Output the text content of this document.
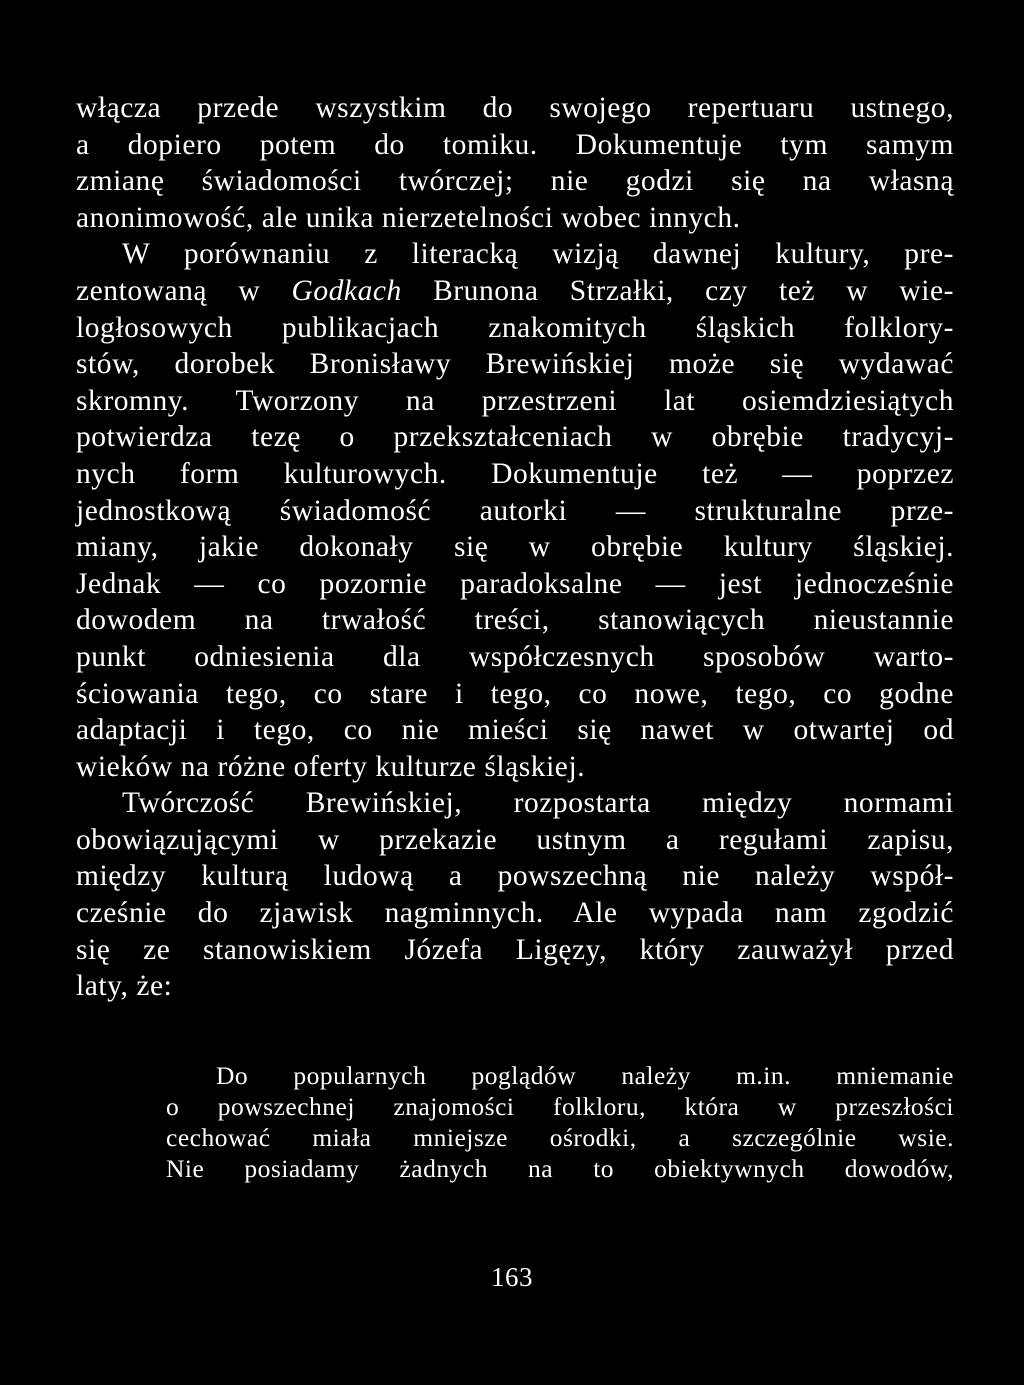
włącza przede wszystkim do swojego repertuaru ustnego,
a dopiero potem do tomiku. Dokumentuje tym samym
zmianę świadomości twórczej; nie godzi się na własną
anonimowość, ale unika nierzetelności wobec innych.
W porównaniu z literacką wizją dawnej kultury, pre-
zentowaną w Godkach Brunona Strzałki, czy też w wie-
logłosowych publikacjach znakomitych śląskich folklory-
stów, dorobek Bronisławy Brewińskiej może się wydawać
skromny. Tworzony na przestrzeni lat osiemdziesiątych
potwierdza tezę o przekształceniach w obrębie tradycyj-
nych form kulturowych. Dokumentuje też — poprzez
jednostkową świadomość autorki — strukturalne prze-
miany, jakie dokonały się w obrębie kultury śląskiej.
Jednak — co pozornie paradoksalne — jest jednocześnie
dowodem na trwałość treści, stanowiących nieustannie
punkt odniesienia dla współczesnych sposobów warto-
ściowania tego, co stare i tego, co nowe, tego, co godne
adaptacji i tego, co nie mieści się nawet w otwartej od
wieków na różne oferty kulturze śląskiej.
Twórczość Brewińskiej, rozpostarta między normami
obowiązującymi w przekazie ustnym a regułami zapisu,
między kulturą ludową a powszechną nie należy współ-
cześnie do zjawisk nagminnych. Ale wypada nam zgodzić
się ze stanowiskiem Józefa Ligęzy, który zauważył przed
laty, że:
Do popularnych poglądów należy m.in. mniemanie
o powszechnej znajomości folkloru, która w przeszłości
cechować miała mniejsze ośrodki, a szczególnie wsie.
Nie posiadamy żadnych na to obiektywnych dowodów,
163
